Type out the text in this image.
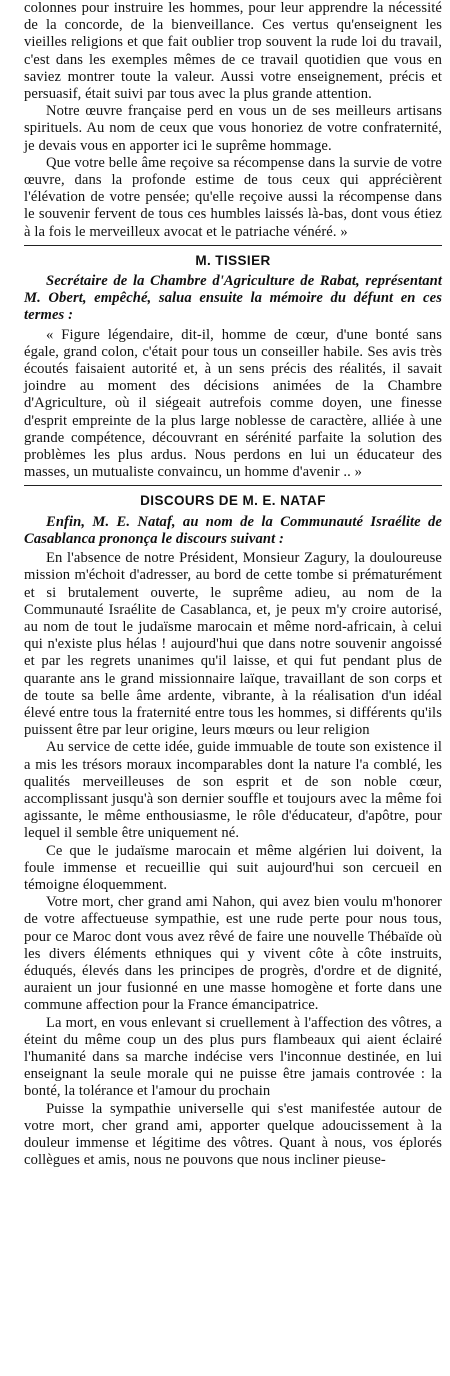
colonnes pour instruire les hommes, pour leur apprendre la nécessité de la concorde, de la bienveillance. Ces vertus qu'enseignent les vieilles religions et que fait oublier trop souvent la rude loi du travail, c'est dans les exemples mêmes de ce travail quotidien que vous en saviez montrer toute la valeur. Aussi votre enseignement, précis et persuasif, était suivi par tous avec la plus grande attention.

Notre œuvre française perd en vous un de ses meilleurs artisans spirituels. Au nom de ceux que vous honoriez de votre confraternité, je devais vous en apporter ici le suprême hommage.

Que votre belle âme reçoive sa récompense dans la survie de votre œuvre, dans la profonde estime de tous ceux qui apprécièrent l'élévation de votre pensée; qu'elle reçoive aussi la récompense dans le souvenir fervent de tous ces humbles laissés là-bas, dont vous étiez à la fois le merveilleux avocat et le patriache vénéré. »

M. TISSIER

Secrétaire de la Chambre d'Agriculture de Rabat, représentant M. Obert, empêché, salua ensuite la mémoire du défunt en ces termes :

« Figure légendaire, dit-il, homme de cœur, d'une bonté sans égale, grand colon, c'était pour tous un conseiller habile. Ses avis très écoutés faisaient autorité et, à un sens précis des réalités, il savait joindre au moment des décisions animées de la Chambre d'Agriculture, où il siégeait autrefois comme doyen, une finesse d'esprit empreinte de la plus large noblesse de caractère, alliée à une grande compétence, découvrant en sérénité parfaite la solution des problèmes les plus ardus. Nous perdons en lui un éducateur des masses, un mutualiste convaincu, un homme d'avenir .. »

DISCOURS DE M. E. NATAF

Enfin, M. E. Nataf, au nom de la Communauté Israélite de Casablanca prononça le discours suivant :

En l'absence de notre Président, Monsieur Zagury, la douloureuse mission m'échoit d'adresser, au bord de cette tombe si prématurément et si brutalement ouverte, le suprême adieu, au nom de la Communauté Israélite de Casablanca, et, je peux m'y croire autorisé, au nom de tout le judaïsme marocain et même nord-africain, à celui qui n'existe plus hélas ! aujourd'hui que dans notre souvenir angoissé et par les regrets unanimes qu'il laisse, et qui fut pendant plus de quarante ans le grand missionnaire laïque, travaillant de son corps et de toute sa belle âme ardente, vibrante, à la réalisation d'un idéal élevé entre tous la fraternité entre tous les hommes, si différents qu'ils puissent être par leur origine, leurs mœurs ou leur religion

Au service de cette idée, guide immuable de toute son existence il a mis les trésors moraux incomparables dont la nature l'a comblé, les qualités merveilleuses de son esprit et de son noble cœur, accomplissant jusqu'à son dernier souffle et toujours avec la même foi agissante, le même enthousiasme, le rôle d'éducateur, d'apôtre, pour lequel il semble être uniquement né.

Ce que le judaïsme marocain et même algérien lui doivent, la foule immense et recueillie qui suit aujourd'hui son cercueil en témoigne éloquemment.

Votre mort, cher grand ami Nahon, qui avez bien voulu m'honorer de votre affectueuse sympathie, est une rude perte pour nous tous, pour ce Maroc dont vous avez rêvé de faire une nouvelle Thébaïde où les divers éléments ethniques qui y vivent côte à côte instruits, éduqués, élevés dans les principes de progrès, d'ordre et de dignité, auraient un jour fusionné en une masse homogène et forte dans une commune affection pour la France émancipatrice.

La mort, en vous enlevant si cruellement à l'affection des vôtres, a éteint du même coup un des plus purs flambeaux qui aient éclairé l'humanité dans sa marche indécise vers l'inconnue destinée, en lui enseignant la seule morale qui ne puisse être jamais controvée : la bonté, la tolérance et l'amour du prochain

Puisse la sympathie universelle qui s'est manifestée autour de votre mort, cher grand ami, apporter quelque adoucissement à la douleur immense et légitime des vôtres. Quant à nous, vos éplorés collègues et amis, nous ne pouvons que nous incliner pieuse-
